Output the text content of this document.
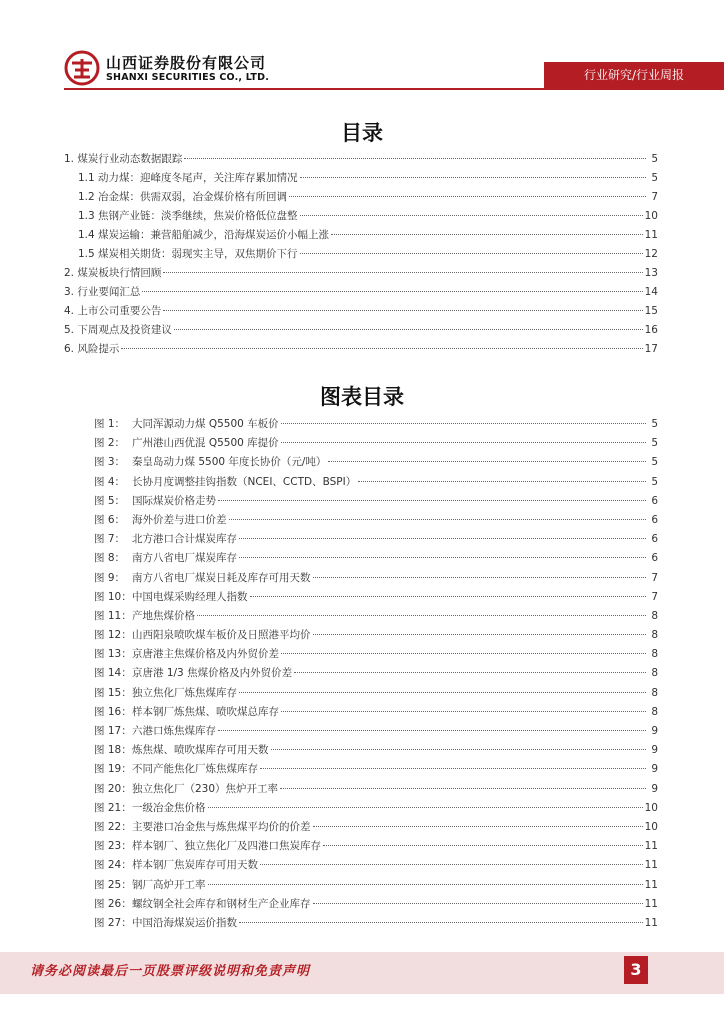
山西证券股份有限公司
SHANXI SECURITIES CO., LTD.	行业研究/行业周报
目录
1. 煤炭行业动态数据跟踪	5
1.1 动力煤：迎峰度冬尾声，关注库存累加情况	5
1.2 冶金煤：供需双弱，冶金煤价格有所回调	7
1.3 焦钢产业链：淡季继续，焦炭价格低位盘整	10
1.4 煤炭运输：兼营船舶减少，沿海煤炭运价小幅上涨	11
1.5 煤炭相关期货：弱现实主导，双焦期价下行	12
2. 煤炭板块行情回顾	13
3. 行业要闻汇总	14
4. 上市公司重要公告	15
5. 下周观点及投资建议	16
6. 风险提示	17
图表目录
图 1： 大同浑源动力煤 Q5500 车板价	5
图 2： 广州港山西优混 Q5500 库提价	5
图 3： 秦皇岛动力煤 5500 年度长协价（元/吨）	5
图 4： 长协月度调整挂钩指数（NCEI、CCTD、BSPI）	5
图 5： 国际煤炭价格走势	6
图 6： 海外价差与进口价差	6
图 7： 北方港口合计煤炭库存	6
图 8： 南方八省电厂煤炭库存	6
图 9： 南方八省电厂煤炭日耗及库存可用天数	7
图 10： 中国电煤采购经理人指数	7
图 11： 产地焦煤价格	8
图 12： 山西阳泉喷吹煤车板价及日照港平均价	8
图 13： 京唐港主焦煤价格及内外贸价差	8
图 14： 京唐港 1/3 焦煤价格及内外贸价差	8
图 15： 独立焦化厂炼焦煤库存	8
图 16： 样本钢厂炼焦煤、喷吹煤总库存	8
图 17： 六港口炼焦煤库存	9
图 18： 炼焦煤、喷吹煤库存可用天数	9
图 19： 不同产能焦化厂炼焦煤库存	9
图 20： 独立焦化厂（230）焦炉开工率	9
图 21： 一级冶金焦价格	10
图 22： 主要港口冶金焦与炼焦煤平均价的价差	10
图 23： 样本钢厂、独立焦化厂及四港口焦炭库存	11
图 24： 样本钢厂焦炭库存可用天数	11
图 25： 钢厂高炉开工率	11
图 26： 螺纹钢全社会库存和钢材生产企业库存	11
图 27： 中国沿海煤炭运价指数	11
请务必阅读最后一页股票评级说明和免责声明	3
